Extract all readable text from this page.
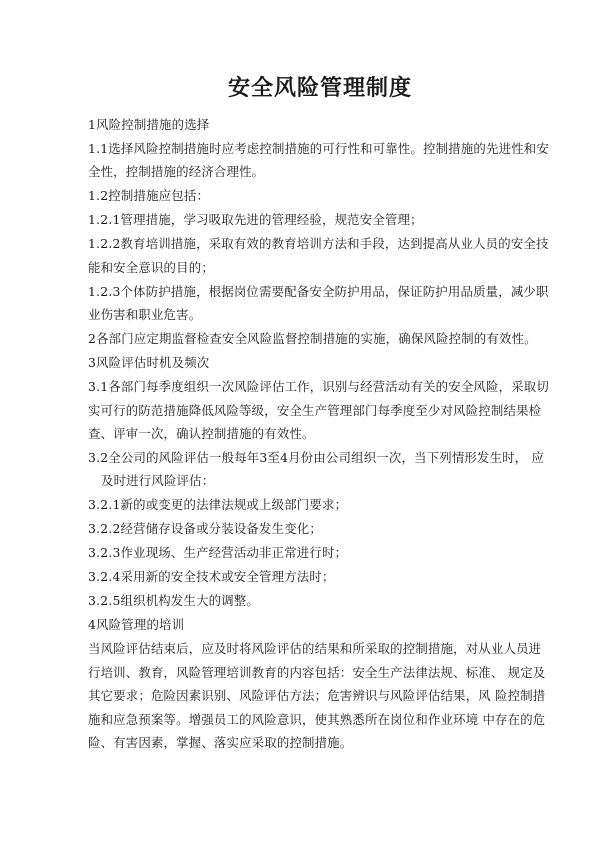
安全风险管理制度

1风险控制措施的选择

1.1选择风险控制措施时应考虑控制措施的可行性和可靠性。控制措施的先进性和安全性，控制措施的经济合理性。

1.2控制措施应包括：

1.2.1管理措施，学习吸取先进的管理经验，规范安全管理；

1.2.2教育培训措施，采取有效的教育培训方法和手段，达到提高从业人员的安全技能和安全意识的目的；

1.2.3个体防护措施，根据岗位需要配备安全防护用品，保证防护用品质量，减少职业伤害和职业危害。

2各部门应定期监督检查安全风险监督控制措施的实施，确保风险控制的有效性。

3风险评估时机及频次

3.1各部门每季度组织一次风险评估工作，识别与经营活动有关的安全风险，采取切实可行的防范措施降低风险等级，安全生产管理部门每季度至少对风险控制结果检查、评审一次，确认控制措施的有效性。

3.2全公司的风险评估一般每年3至4月份由公司组织一次，当下列情形发生时， 应及时进行风险评估：

3.2.1新的或变更的法律法规或上级部门要求；

3.2.2经营储存设备或分装设备发生变化；

3.2.3作业现场、生产经营活动非正常进行时；

3.2.4采用新的安全技术或安全管理方法时；

3.2.5组织机构发生大的调整。

4风险管理的培训

当风险评估结束后，应及时将风险评估的结果和所采取的控制措施，对从业人员进行培训、教育，风险管理培训教育的内容包括：安全生产法律法规、标准、 规定及其它要求；危险因素识别、风险评估方法；危害辨识与风险评估结果，风 险控制措施和应急预案等。增强员工的风险意识，使其熟悉所在岗位和作业环境 中存在的危险、有害因素，掌握、落实应采取的控制措施。
